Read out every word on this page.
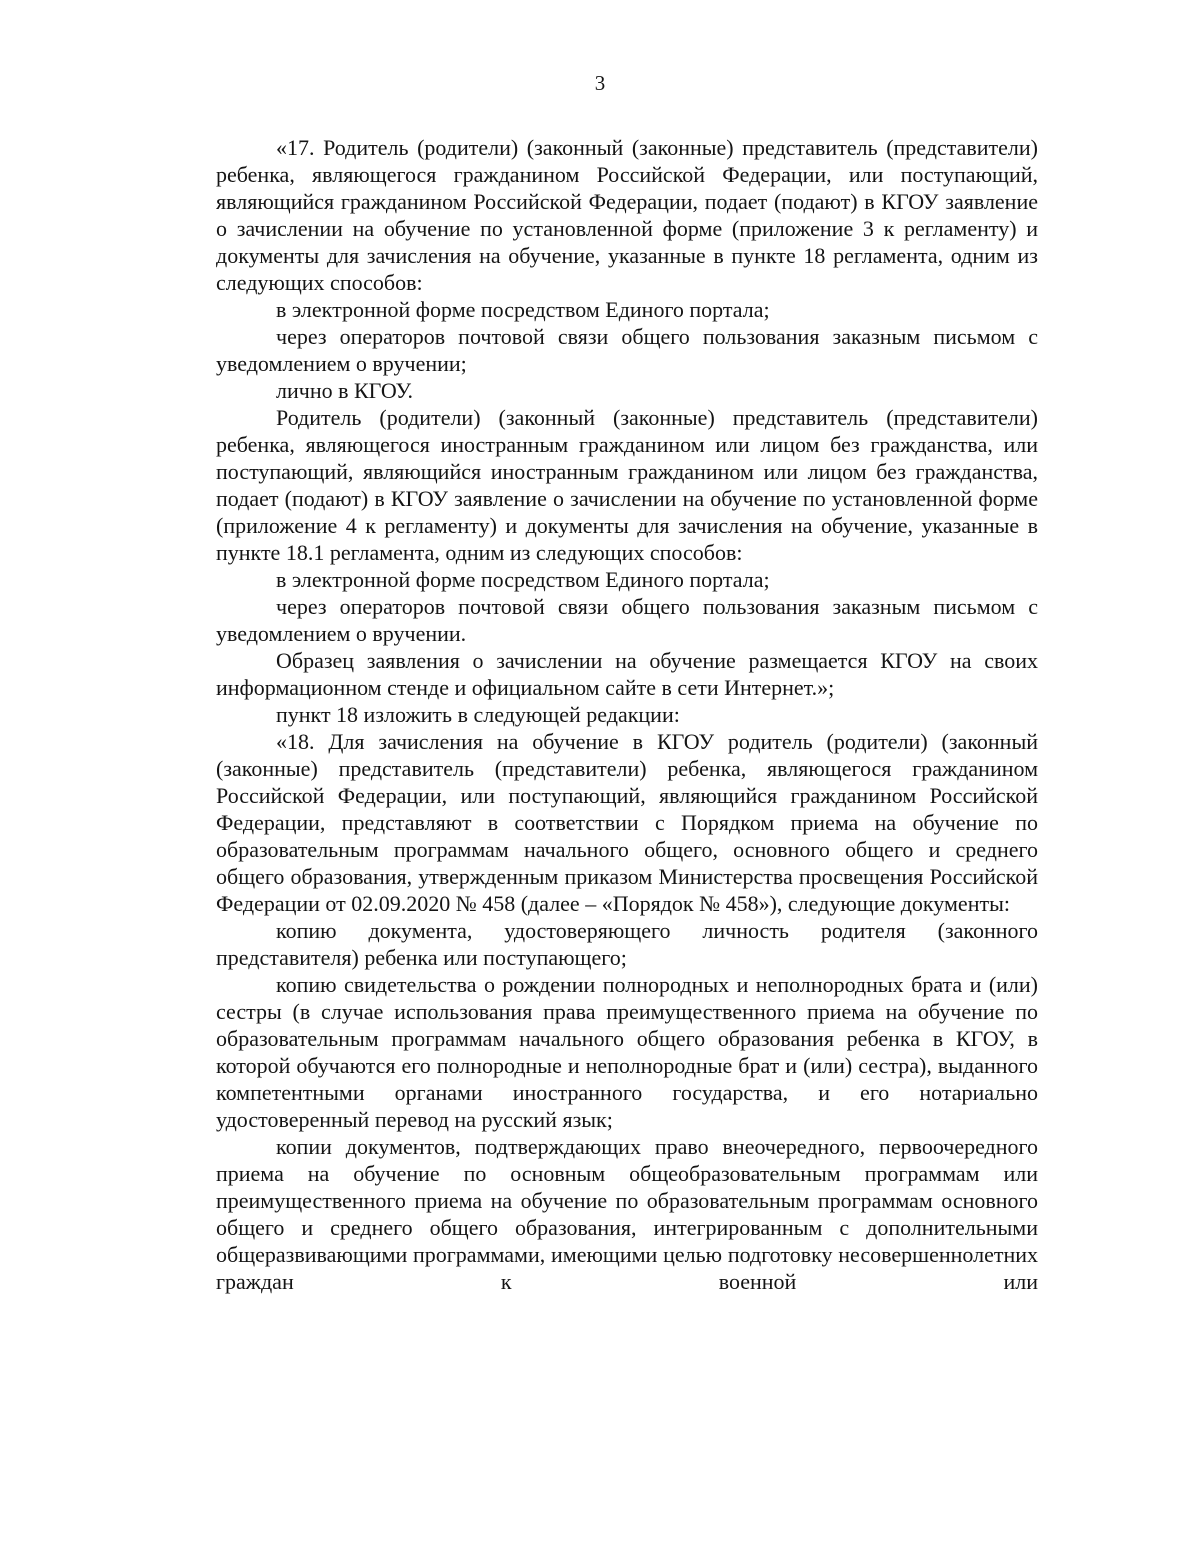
3

«17. Родитель (родители) (законный (законные) представитель (представители) ребенка, являющегося гражданином Российской Федерации, или поступающий, являющийся гражданином Российской Федерации, подает (подают) в КГОУ заявление о зачислении на обучение по установленной форме (приложение 3 к регламенту) и документы для зачисления на обучение, указанные в пункте 18 регламента, одним из следующих способов:

в электронной форме посредством Единого портала;

через операторов почтовой связи общего пользования заказным письмом с уведомлением о вручении;

лично в КГОУ.

Родитель (родители) (законный (законные) представитель (представители) ребенка, являющегося иностранным гражданином или лицом без гражданства, или поступающий, являющийся иностранным гражданином или лицом без гражданства, подает (подают) в КГОУ заявление о зачислении на обучение по установленной форме (приложение 4 к регламенту) и документы для зачисления на обучение, указанные в пункте 18.1 регламента, одним из следующих способов:

в электронной форме посредством Единого портала;

через операторов почтовой связи общего пользования заказным письмом с уведомлением о вручении.

Образец заявления о зачислении на обучение размещается КГОУ на своих информационном стенде и официальном сайте в сети Интернет.»;

пункт 18 изложить в следующей редакции:

«18. Для зачисления на обучение в КГОУ родитель (родители) (законный (законные) представитель (представители) ребенка, являющегося гражданином Российской Федерации, или поступающий, являющийся гражданином Российской Федерации, представляют в соответствии с Порядком приема на обучение по образовательным программам начального общего, основного общего и среднего общего образования, утвержденным приказом Министерства просвещения Российской Федерации от 02.09.2020 № 458 (далее – «Порядок № 458»), следующие документы:

копию документа, удостоверяющего личность родителя (законного представителя) ребенка или поступающего;

копию свидетельства о рождении полнородных и неполнородных брата и (или) сестры (в случае использования права преимущественного приема на обучение по образовательным программам начального общего образования ребенка в КГОУ, в которой обучаются его полнородные и неполнородные брат и (или) сестра), выданного компетентными органами иностранного государства, и его нотариально удостоверенный перевод на русский язык;

копии документов, подтверждающих право внеочередного, первоочередного приема на обучение по основным общеобразовательным программам или преимущественного приема на обучение по образовательным программам основного общего и среднего общего образования, интегрированным с дополнительными общеразвивающими программами, имеющими целью подготовку несовершеннолетних граждан к военной или
